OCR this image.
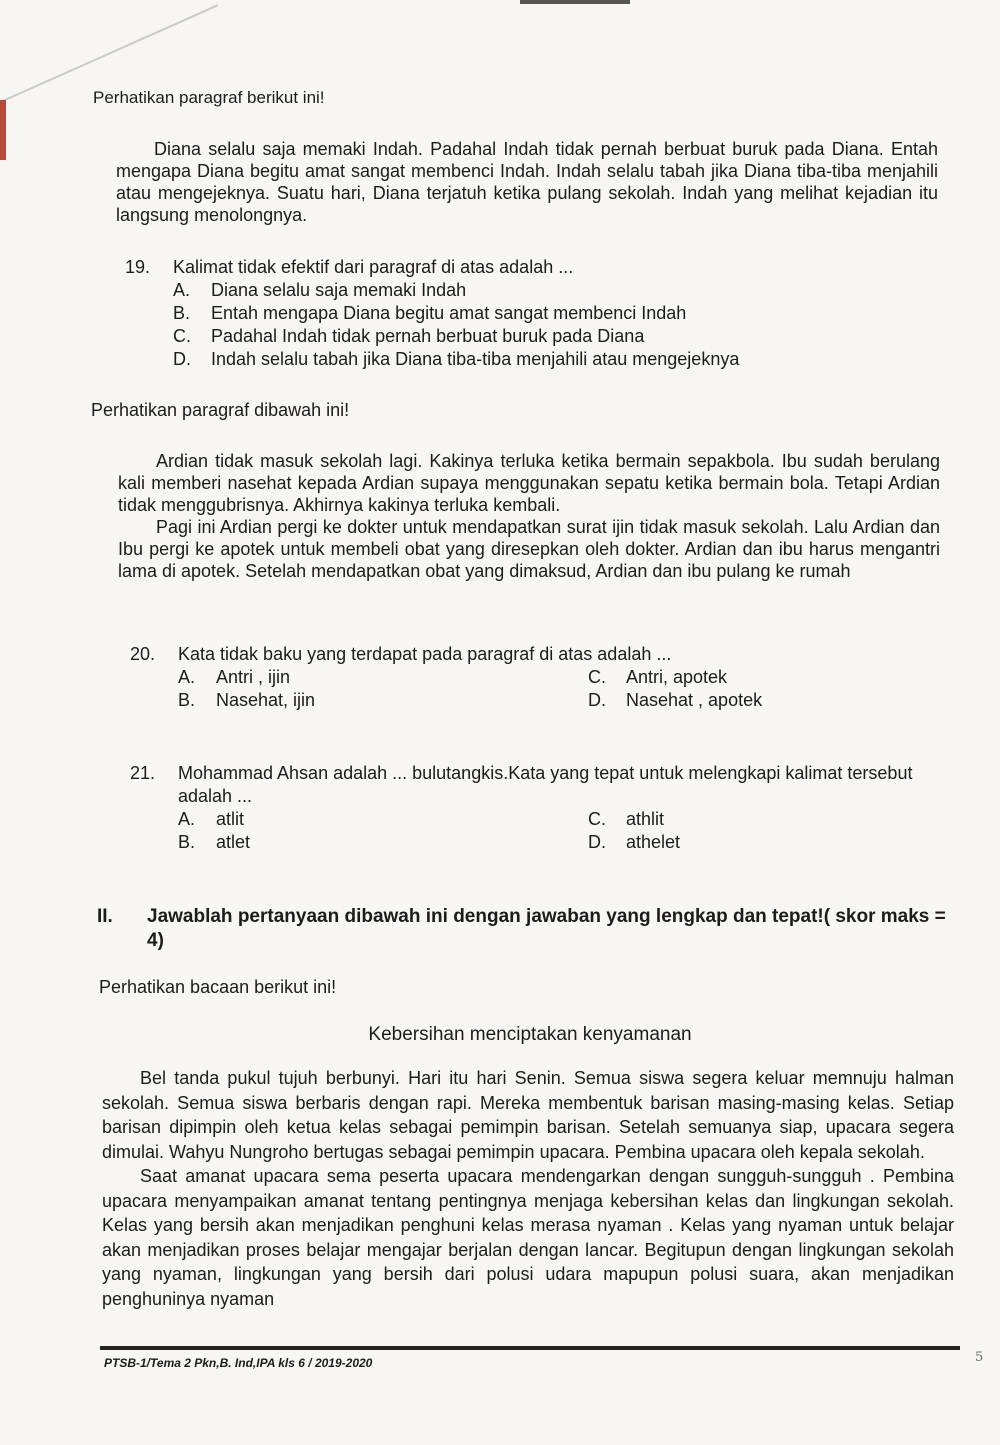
Perhatikan paragraf berikut ini!

Diana selalu saja memaki Indah. Padahal Indah tidak pernah berbuat buruk pada Diana. Entah mengapa Diana begitu amat sangat membenci Indah. Indah selalu tabah jika Diana tiba-tiba menjahili atau mengejeknya. Suatu hari, Diana terjatuh ketika pulang sekolah. Indah yang melihat kejadian itu langsung menolongnya.

19.	Kalimat tidak efektif dari paragraf di atas adalah ...
A.	Diana selalu saja memaki Indah
B.	Entah mengapa Diana begitu amat sangat membenci Indah
C.	Padahal Indah tidak pernah berbuat buruk pada Diana
D.	Indah selalu tabah jika Diana tiba-tiba menjahili atau mengejeknya
Perhatikan paragraf dibawah ini!

Ardian tidak masuk sekolah lagi. Kakinya terluka ketika bermain sepakbola. Ibu sudah berulang kali memberi nasehat kepada Ardian supaya menggunakan sepatu ketika bermain bola. Tetapi Ardian tidak menggubrisnya. Akhirnya kakinya terluka kembali.

Pagi ini Ardian pergi ke dokter untuk mendapatkan surat ijin tidak masuk sekolah. Lalu Ardian dan Ibu pergi ke apotek untuk membeli obat yang diresepkan oleh dokter. Ardian dan ibu harus mengantri lama di apotek. Setelah mendapatkan obat yang dimaksud, Ardian dan ibu pulang ke rumah

20.	Kata tidak baku yang terdapat pada paragraf di atas adalah ...
A.	Antri , ijin	C.	Antri, apotek
B.	Nasehat, ijin	D.	Nasehat , apotek
21.	Mohammad Ahsan adalah ... bulutangkis.Kata yang tepat untuk melengkapi kalimat tersebut adalah ...
A.	atlit	C.	athlit
B.	atlet	D.	athelet
II.	Jawablah pertanyaan dibawah ini dengan jawaban yang lengkap dan tepat!( skor maks = 4)
Perhatikan bacaan berikut ini!
Kebersihan menciptakan kenyamanan

Bel tanda pukul tujuh berbunyi. Hari itu hari Senin. Semua siswa segera keluar memnuju halman sekolah. Semua siswa berbaris dengan rapi. Mereka membentuk barisan masing-masing kelas. Setiap barisan dipimpin oleh ketua kelas sebagai pemimpin barisan. Setelah semuanya siap, upacara segera dimulai. Wahyu Nungroho bertugas sebagai pemimpin upacara. Pembina upacara oleh kepala sekolah.

Saat amanat upacara sema peserta upacara mendengarkan dengan sungguh-sungguh . Pembina upacara menyampaikan amanat tentang pentingnya menjaga kebersihan kelas dan lingkungan sekolah. Kelas yang bersih akan menjadikan penghuni kelas merasa nyaman . Kelas yang nyaman untuk belajar akan menjadikan proses belajar mengajar berjalan dengan lancar. Begitupun dengan lingkungan sekolah yang nyaman, lingkungan yang bersih dari polusi udara mapupun polusi suara, akan menjadikan penghuninya nyaman

PTSB-1/Tema 2 Pkn,B. Ind,IPA kls 6 / 2019-2020	5
